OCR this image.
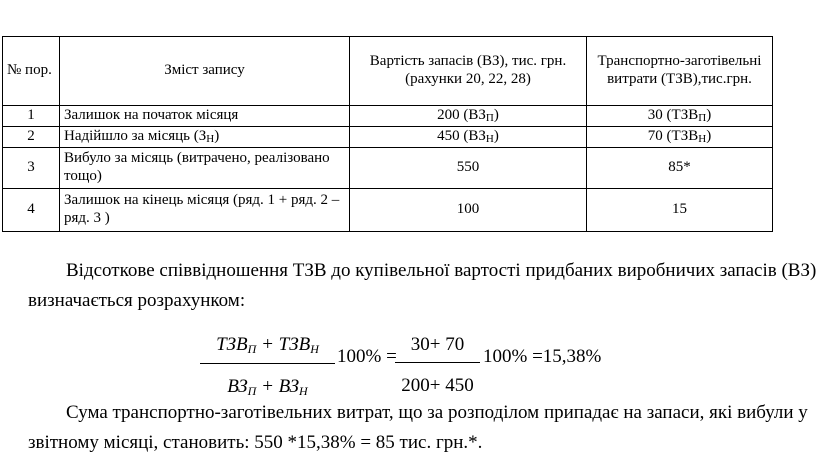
№ пор.	Зміст запису	Вартість запасів (ВЗ), тис. грн. (рахунки 20, 22, 28)	Транспортно-заготівельні витрати (ТЗВ),тис.грн.
1	Залишок на початок місяця	200 (ВЗП)	30 (ТЗВП)
2	Надійшло за місяць (ЗН)	450 (ВЗН)	70 (ТЗВН)
3	Вибуло за місяць (витрачено, реалізовано тощо)	550	85*
4	Залишок на кінець місяця (ряд. 1 + ряд. 2 – ряд. 3 )	100	15

Відсоткове співвідношення ТЗВ до купівельної вартості придбаних виробничих запасів (ВЗ) визначається розрахунком:

ТЗВП + ТЗВН
ВЗП + ВЗН
100% =
$\frac{30+ 70}{200+ 450} 100\% =15,38\%$

Сума транспортно-заготівельних витрат, що за розподілом припадає на запаси, які вибули у звітному місяці, становить: 550 *15,38% = 85 тис. грн.*.
